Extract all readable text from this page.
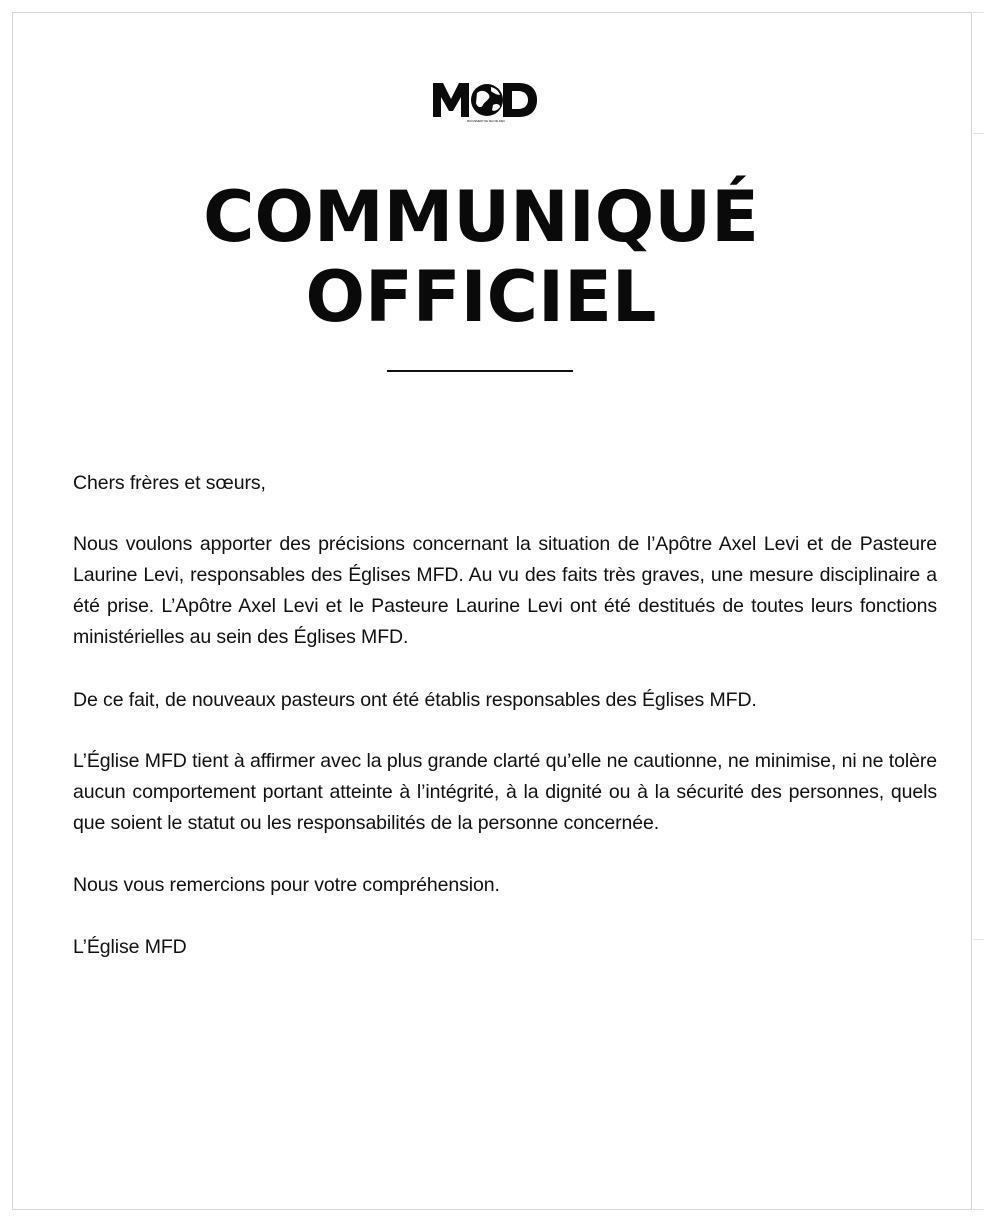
MOUVEMENT DE FEU DE DIEU
COMMUNIQUÉ
OFFICIEL

Chers frères et sœurs,

Nous voulons apporter des précisions concernant la situation de l’Apôtre Axel Levi et de Pasteure Laurine Levi, responsables des Églises MFD. Au vu des faits très graves, une mesure disciplinaire a été prise. L’Apôtre Axel Levi et le Pasteure Laurine Levi ont été destitués de toutes leurs fonctions ministérielles au sein des Églises MFD.

De ce fait, de nouveaux pasteurs ont été établis responsables des Églises MFD.

L’Église MFD tient à affirmer avec la plus grande clarté qu’elle ne cautionne, ne minimise, ni ne tolère aucun comportement portant atteinte à l’intégrité, à la dignité ou à la sécurité des personnes, quels que soient le statut ou les responsabilités de la personne concernée.

Nous vous remercions pour votre compréhension.

L’Église MFD
